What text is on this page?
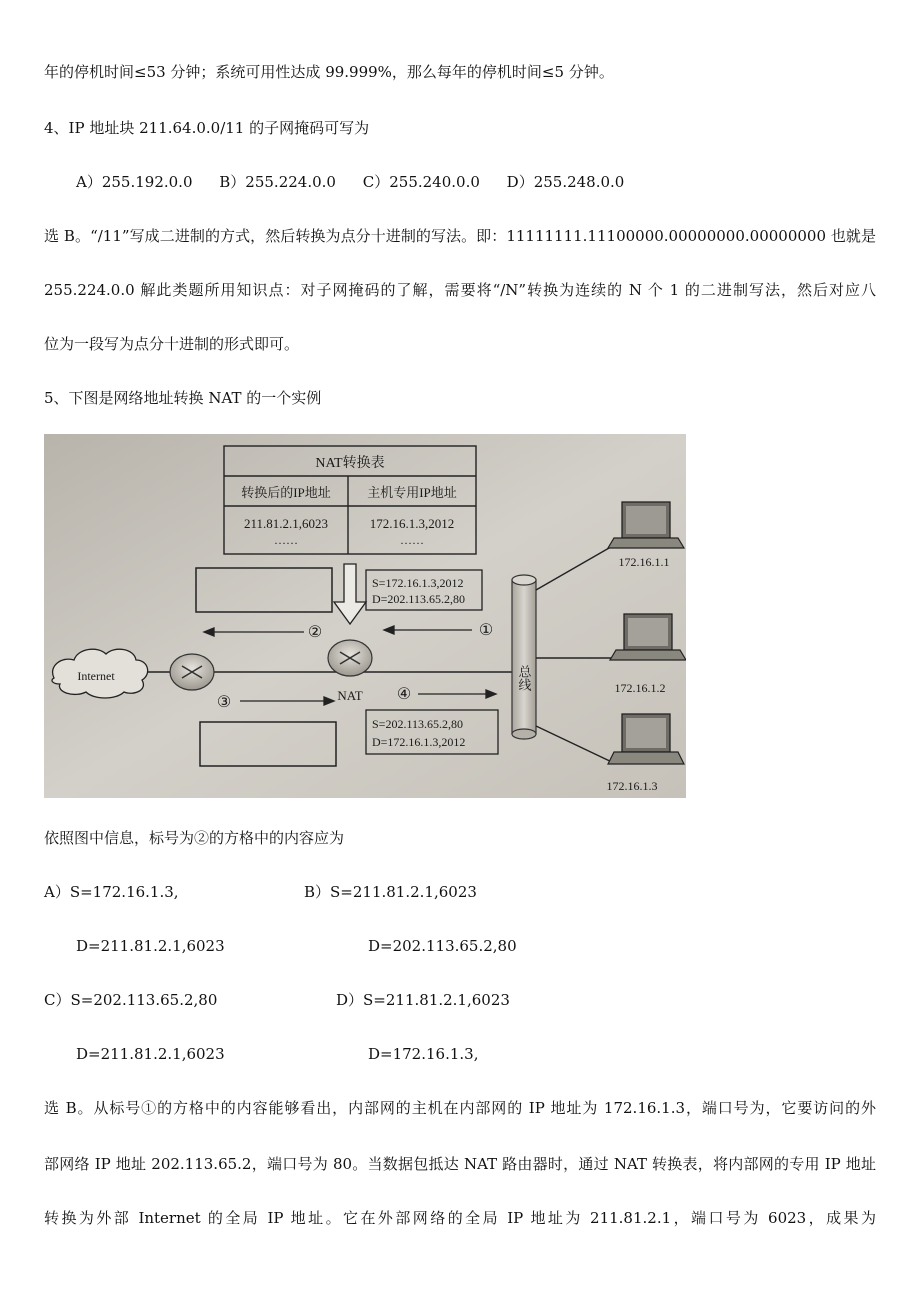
年的停机时间≤53 分钟；系统可用性达成 99.999%，那么每年的停机时间≤5 分钟。
4、IP 地址块 211.64.0.0/11 的子网掩码可写为
A）255.192.0.0 B）255.224.0.0 C）255.240.0.0 D）255.248.0.0
选 B。“/11”写成二进制的方式，然后转换为点分十进制的写法。即：11111111.11100000.00000000.00000000 也就是
255.224.0.0 解此类题所用知识点：对子网掩码的了解，需要将“/N”转换为连续的 N 个 1 的二进制写法，然后对应八
位为一段写为点分十进制的形式即可。
5、下图是网络地址转换 NAT 的一个实例
NAT转换表
转换后的IP地址	主机专用IP地址
211.81.2.1,6023	172.16.1.3,2012
……	……
S=172.16.1.3,2012
D=202.113.65.2,80
S=202.113.65.2,80
D=172.16.1.3,2012
②	①
③	④
Internet
NAT
总线
172.16.1.1
172.16.1.2
172.16.1.3
依照图中信息，标号为②的方格中的内容应为
A）S=172.16.1.3,	B）S=211.81.2.1,6023
D=211.81.2.1,6023	D=202.113.65.2,80
C）S=202.113.65.2,80	D）S=211.81.2.1,6023
D=211.81.2.1,6023	D=172.16.1.3,
选 B。从标号①的方格中的内容能够看出，内部网的主机在内部网的 IP 地址为 172.16.1.3，端口号为，它要访问的外
部网络 IP 地址 202.113.65.2，端口号为 80。当数据包抵达 NAT 路由器时，通过 NAT 转换表，将内部网的专用 IP 地址
转换为外部 Internet 的全局 IP 地址。它在外部网络的全局 IP 地址为 211.81.2.1，端口号为 6023，成果为
